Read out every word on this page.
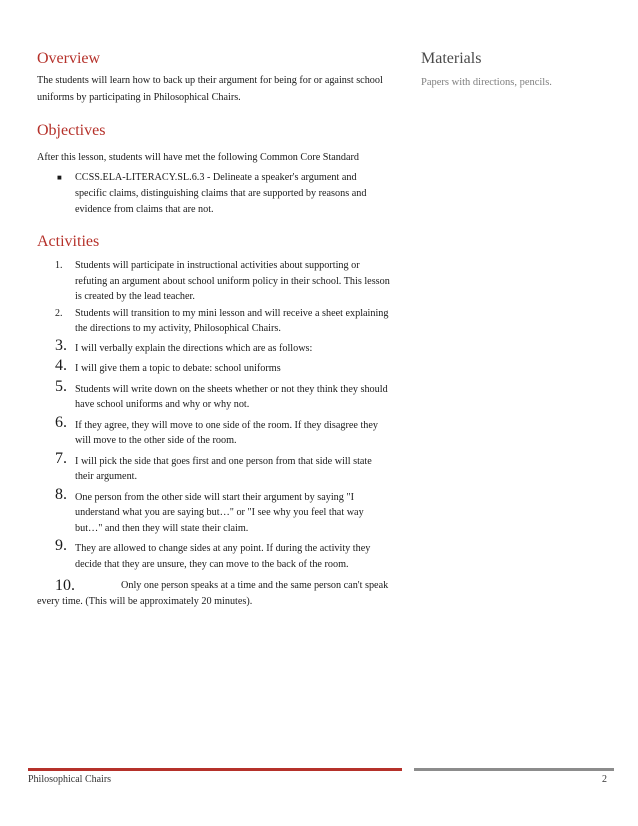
Overview

The students will learn how to back up their argument for being for or against school uniforms by participating in Philosophical Chairs.

Objectives

After this lesson, students will have met the following Common Core Standard

■ CCSS.ELA-LITERACY.SL.6.3 - Delineate a speaker's argument and specific claims, distinguishing claims that are supported by reasons and evidence from claims that are not.
Activities
1. Students will participate in instructional activities about supporting or refuting an argument about school uniform policy in their school. This lesson is created by the lead teacher.
2. Students will transition to my mini lesson and will receive a sheet explaining the directions to my activity, Philosophical Chairs.
3. I will verbally explain the directions which are as follows:
4. I will give them a topic to debate: school uniforms
5. Students will write down on the sheets whether or not they think they should have school uniforms and why or why not.
6. If they agree, they will move to one side of the room. If they disagree they will move to the other side of the room.
7. I will pick the side that goes first and one person from that side will state their argument.
8. One person from the other side will start their argument by saying "I understand what you are saying but…" or "I see why you feel that way but…" and then they will state their claim.
9. They are allowed to change sides at any point. If during the activity they decide that they are unsure, they can move to the back of the room.
10.	Only one person speaks at a time and the same person can't speak every time. (This will be approximately 20 minutes).
Materials

Papers with directions, pencils.

Philosophical Chairs	2
